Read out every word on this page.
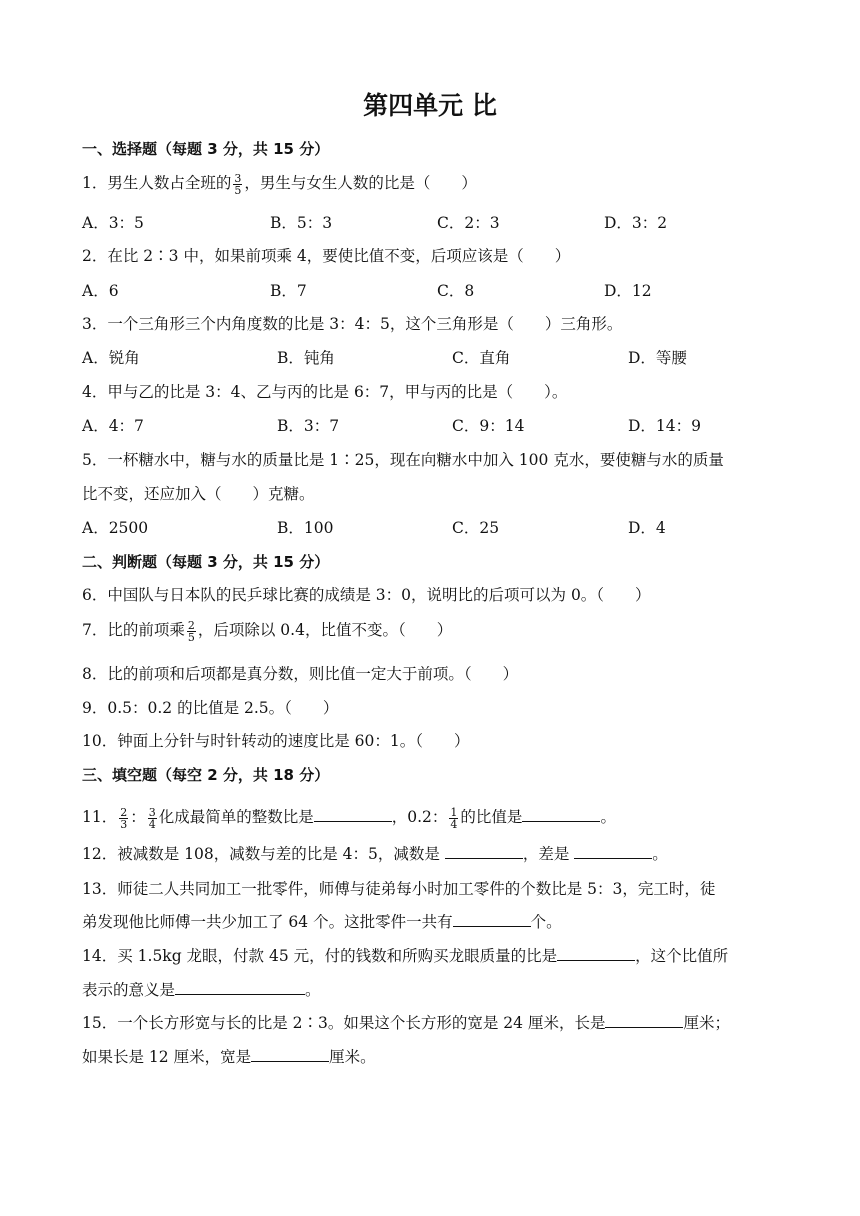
第四单元 比
一、选择题（每题 3 分，共 15 分）
1．男生人数占全班的 $\frac{3}{5}$ ，男生与女生人数的比是（　　）
A．3：5	B．5：3	C．2：3	D．3：2
2．在比 2∶3 中，如果前项乘 4，要使比值不变，后项应该是（　　）
A．6	B．7	C．8	D．12
3．一个三角形三个内角度数的比是 3：4：5，这个三角形是（　　）三角形。
A．锐角	B．钝角	C．直角	D．等腰
4．甲与乙的比是 3：4、乙与丙的比是 6：7，甲与丙的比是（　　）。
A．4：7	B．3：7	C．9：14	D．14：9
5．一杯糖水中，糖与水的质量比是 1∶25，现在向糖水中加入 100 克水，要使糖与水的质量
比不变，还应加入（　　）克糖。
A．2500	B．100	C．25	D．4
二、判断题（每题 3 分，共 15 分）
6．中国队与日本队的民乒球比赛的成绩是 3：0，说明比的后项可以为 0。（　　）
7．比的前项乘 $\frac{2}{5}$ ，后项除以 0.4，比值不变。（　　）
8．比的前项和后项都是真分数，则比值一定大于前项。（　　）
9．0.5：0.2 的比值是 2.5。（　　）
10．钟面上分针与时针转动的速度比是 60：1。（　　）
三、填空题（每空 2 分，共 18 分）
11． $\frac{2}{3}$ ： $\frac{3}{4}$ 化成最简单的整数比是	，0.2： $\frac{1}{4}$ 的比值是	。
12．被减数是 108，减数与差的比是 4：5，减数是	，差是	。
13．师徒二人共同加工一批零件，师傅与徒弟每小时加工零件的个数比是 5：3，完工时，徒
弟发现他比师傅一共少加工了 64 个。这批零件一共有	个。
14．买 1.5kg 龙眼，付款 45 元，付的钱数和所购买龙眼质量的比是	，这个比值所
表示的意义是	。
15．一个长方形宽与长的比是 2∶3。如果这个长方形的宽是 24 厘米，长是	厘米；
如果长是 12 厘米，宽是	厘米。
